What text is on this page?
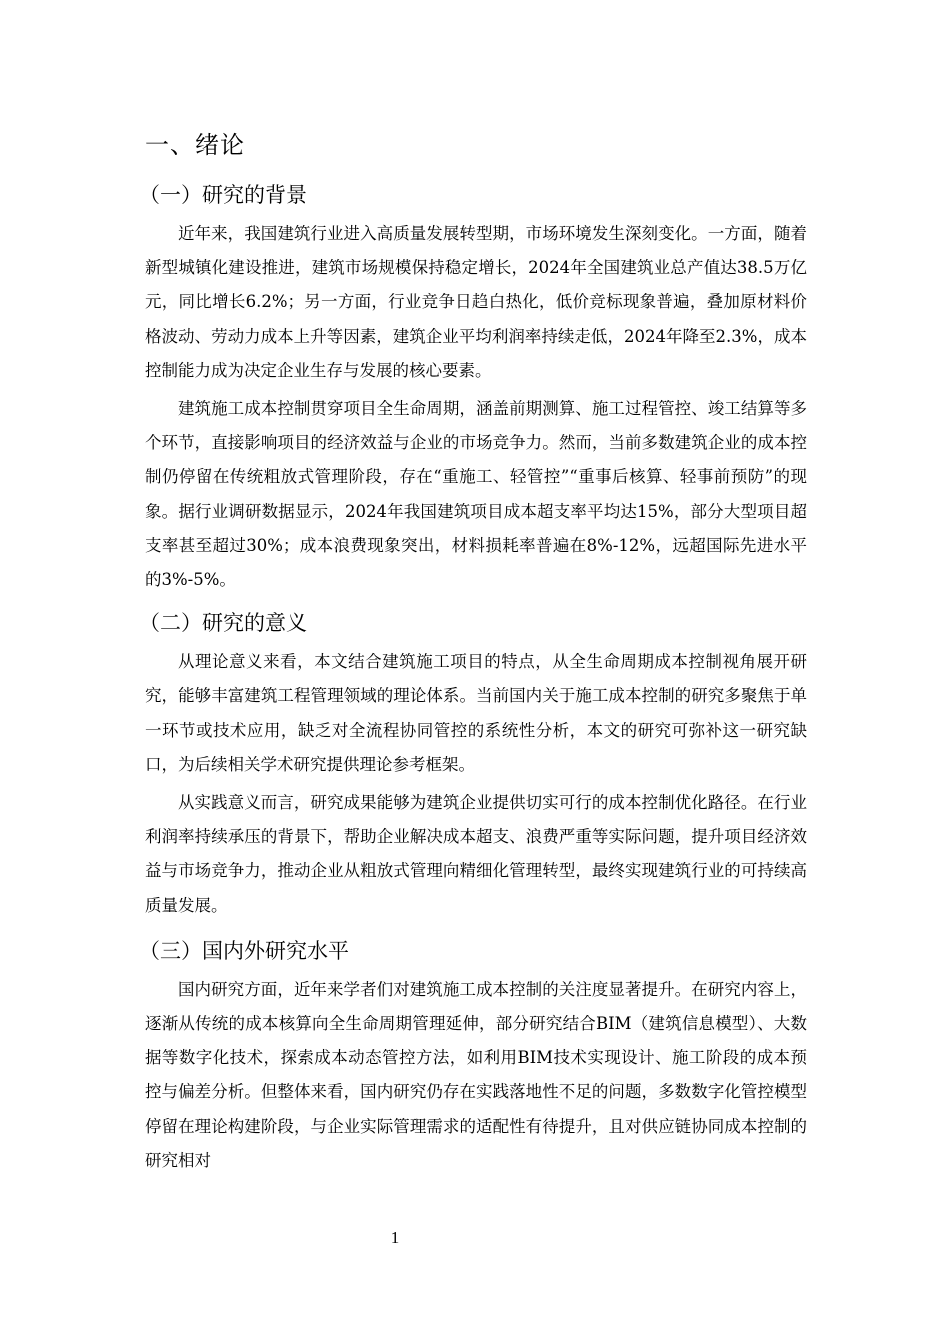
一、绪论
（一）研究的背景

近年来，我国建筑行业进入高质量发展转型期，市场环境发生深刻变化。一方面，随着新型城镇化建设推进，建筑市场规模保持稳定增长，2024年全国建筑业总产值达38.5万亿元，同比增长6.2%；另一方面，行业竞争日趋白热化，低价竞标现象普遍，叠加原材料价格波动、劳动力成本上升等因素，建筑企业平均利润率持续走低，2024年降至2.3%，成本控制能力成为决定企业生存与发展的核心要素。

建筑施工成本控制贯穿项目全生命周期，涵盖前期测算、施工过程管控、竣工结算等多个环节，直接影响项目的经济效益与企业的市场竞争力。然而，当前多数建筑企业的成本控制仍停留在传统粗放式管理阶段，存在“重施工、轻管控”“重事后核算、轻事前预防”的现象。据行业调研数据显示，2024年我国建筑项目成本超支率平均达15%，部分大型项目超支率甚至超过30%；成本浪费现象突出，材料损耗率普遍在8%-12%，远超国际先进水平的3%-5%。

（二）研究的意义

从理论意义来看，本文结合建筑施工项目的特点，从全生命周期成本控制视角展开研究，能够丰富建筑工程管理领域的理论体系。当前国内关于施工成本控制的研究多聚焦于单一环节或技术应用，缺乏对全流程协同管控的系统性分析，本文的研究可弥补这一研究缺口，为后续相关学术研究提供理论参考框架。

从实践意义而言，研究成果能够为建筑企业提供切实可行的成本控制优化路径。在行业利润率持续承压的背景下，帮助企业解决成本超支、浪费严重等实际问题，提升项目经济效益与市场竞争力，推动企业从粗放式管理向精细化管理转型，最终实现建筑行业的可持续高质量发展。

（三）国内外研究水平

国内研究方面，近年来学者们对建筑施工成本控制的关注度显著提升。在研究内容上，逐渐从传统的成本核算向全生命周期管理延伸，部分研究结合BIM（建筑信息模型）、大数据等数字化技术，探索成本动态管控方法，如利用BIM技术实现设计、施工阶段的成本预控与偏差分析。但整体来看，国内研究仍存在实践落地性不足的问题，多数数字化管控模型停留在理论构建阶段，与企业实际管理需求的适配性有待提升，且对供应链协同成本控制的研究相对

1
